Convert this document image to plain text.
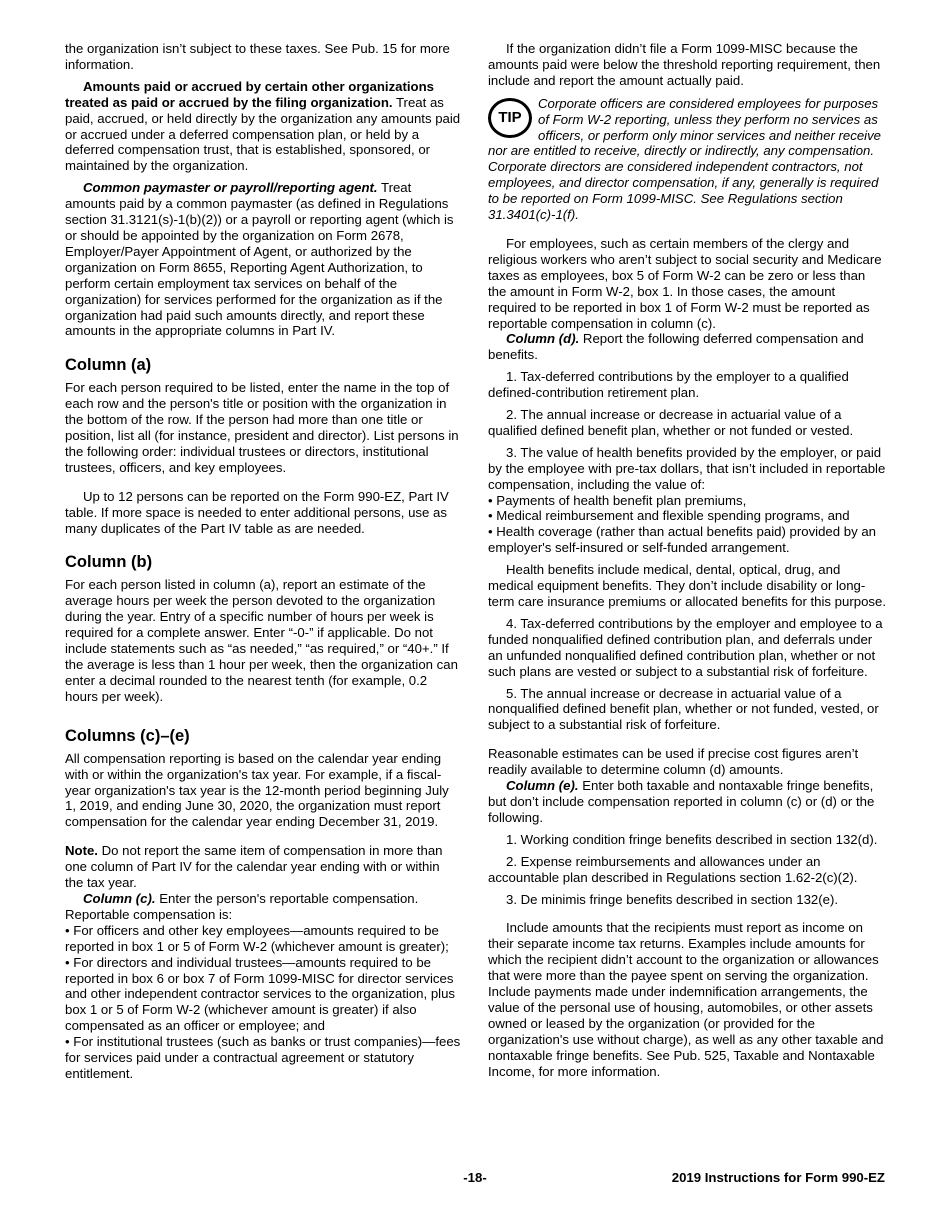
the organization isn’t subject to these taxes. See Pub. 15 for more information.

Amounts paid or accrued by certain other organizations treated as paid or accrued by the filing organization. Treat as paid, accrued, or held directly by the organization any amounts paid or accrued under a deferred compensation plan, or held by a deferred compensation trust, that is established, sponsored, or maintained by the organization.

Common paymaster or payroll/reporting agent. Treat amounts paid by a common paymaster (as defined in Regulations section 31.3121(s)-1(b)(2)) or a payroll or reporting agent (which is or should be appointed by the organization on Form 2678, Employer/Payer Appointment of Agent, or authorized by the organization on Form 8655, Reporting Agent Authorization, to perform certain employment tax services on behalf of the organization) for services performed for the organization as if the organization had paid such amounts directly, and report these amounts in the appropriate columns in Part IV.

Column (a)

For each person required to be listed, enter the name in the top of each row and the person's title or position with the organization in the bottom of the row. If the person had more than one title or position, list all (for instance, president and director). List persons in the following order: individual trustees or directors, institutional trustees, officers, and key employees.

Up to 12 persons can be reported on the Form 990-EZ, Part IV table. If more space is needed to enter additional persons, use as many duplicates of the Part IV table as are needed.

Column (b)

For each person listed in column (a), report an estimate of the average hours per week the person devoted to the organization during the year. Entry of a specific number of hours per week is required for a complete answer. Enter “-0-” if applicable. Do not include statements such as “as needed,” “as required,” or “40+.” If the average is less than 1 hour per week, then the organization can enter a decimal rounded to the nearest tenth (for example, 0.2 hours per week).

Columns (c)–(e)

All compensation reporting is based on the calendar year ending with or within the organization's tax year. For example, if a fiscal-year organization's tax year is the 12-month period beginning July 1, 2019, and ending June 30, 2020, the organization must report compensation for the calendar year ending December 31, 2019.

Note. Do not report the same item of compensation in more than one column of Part IV for the calendar year ending with or within the tax year.

Column (c). Enter the person's reportable compensation. Reportable compensation is:

• For officers and other key employees—amounts required to be reported in box 1 or 5 of Form W-2 (whichever amount is greater);

• For directors and individual trustees—amounts required to be reported in box 6 or box 7 of Form 1099-MISC for director services and other independent contractor services to the organization, plus box 1 or 5 of Form W-2 (whichever amount is greater) if also compensated as an officer or employee; and

• For institutional trustees (such as banks or trust companies)—fees for services paid under a contractual agreement or statutory entitlement.

If the organization didn’t file a Form 1099-MISC because the amounts paid were below the threshold reporting requirement, then include and report the amount actually paid.

TIP

Corporate officers are considered employees for purposes of Form W-2 reporting, unless they perform no services as officers, or perform only minor services and neither receive nor are entitled to receive, directly or indirectly, any compensation. Corporate directors are considered independent contractors, not employees, and director compensation, if any, generally is required to be reported on Form 1099-MISC. See Regulations section 31.3401(c)-1(f).

For employees, such as certain members of the clergy and religious workers who aren’t subject to social security and Medicare taxes as employees, box 5 of Form W-2 can be zero or less than the amount in Form W-2, box 1. In those cases, the amount required to be reported in box 1 of Form W-2 must be reported as reportable compensation in column (c).

Column (d). Report the following deferred compensation and benefits.

1. Tax-deferred contributions by the employer to a qualified defined-contribution retirement plan.

2. The annual increase or decrease in actuarial value of a qualified defined benefit plan, whether or not funded or vested.

3. The value of health benefits provided by the employer, or paid by the employee with pre-tax dollars, that isn’t included in reportable compensation, including the value of:

• Payments of health benefit plan premiums,

• Medical reimbursement and flexible spending programs, and

• Health coverage (rather than actual benefits paid) provided by an employer's self-insured or self-funded arrangement.

Health benefits include medical, dental, optical, drug, and medical equipment benefits. They don’t include disability or long-term care insurance premiums or allocated benefits for this purpose.

4. Tax-deferred contributions by the employer and employee to a funded nonqualified defined contribution plan, and deferrals under an unfunded nonqualified defined contribution plan, whether or not such plans are vested or subject to a substantial risk of forfeiture.

5. The annual increase or decrease in actuarial value of a nonqualified defined benefit plan, whether or not funded, vested, or subject to a substantial risk of forfeiture.

Reasonable estimates can be used if precise cost figures aren’t readily available to determine column (d) amounts.

Column (e). Enter both taxable and nontaxable fringe benefits, but don’t include compensation reported in column (c) or (d) or the following.

1. Working condition fringe benefits described in section 132(d).

2. Expense reimbursements and allowances under an accountable plan described in Regulations section 1.62-2(c)(2).

3. De minimis fringe benefits described in section 132(e).

Include amounts that the recipients must report as income on their separate income tax returns. Examples include amounts for which the recipient didn’t account to the organization or allowances that were more than the payee spent on serving the organization. Include payments made under indemnification arrangements, the value of the personal use of housing, automobiles, or other assets owned or leased by the organization (or provided for the organization's use without charge), as well as any other taxable and nontaxable fringe benefits. See Pub. 525, Taxable and Nontaxable Income, for more information.

-18-	2019 Instructions for Form 990-EZ
